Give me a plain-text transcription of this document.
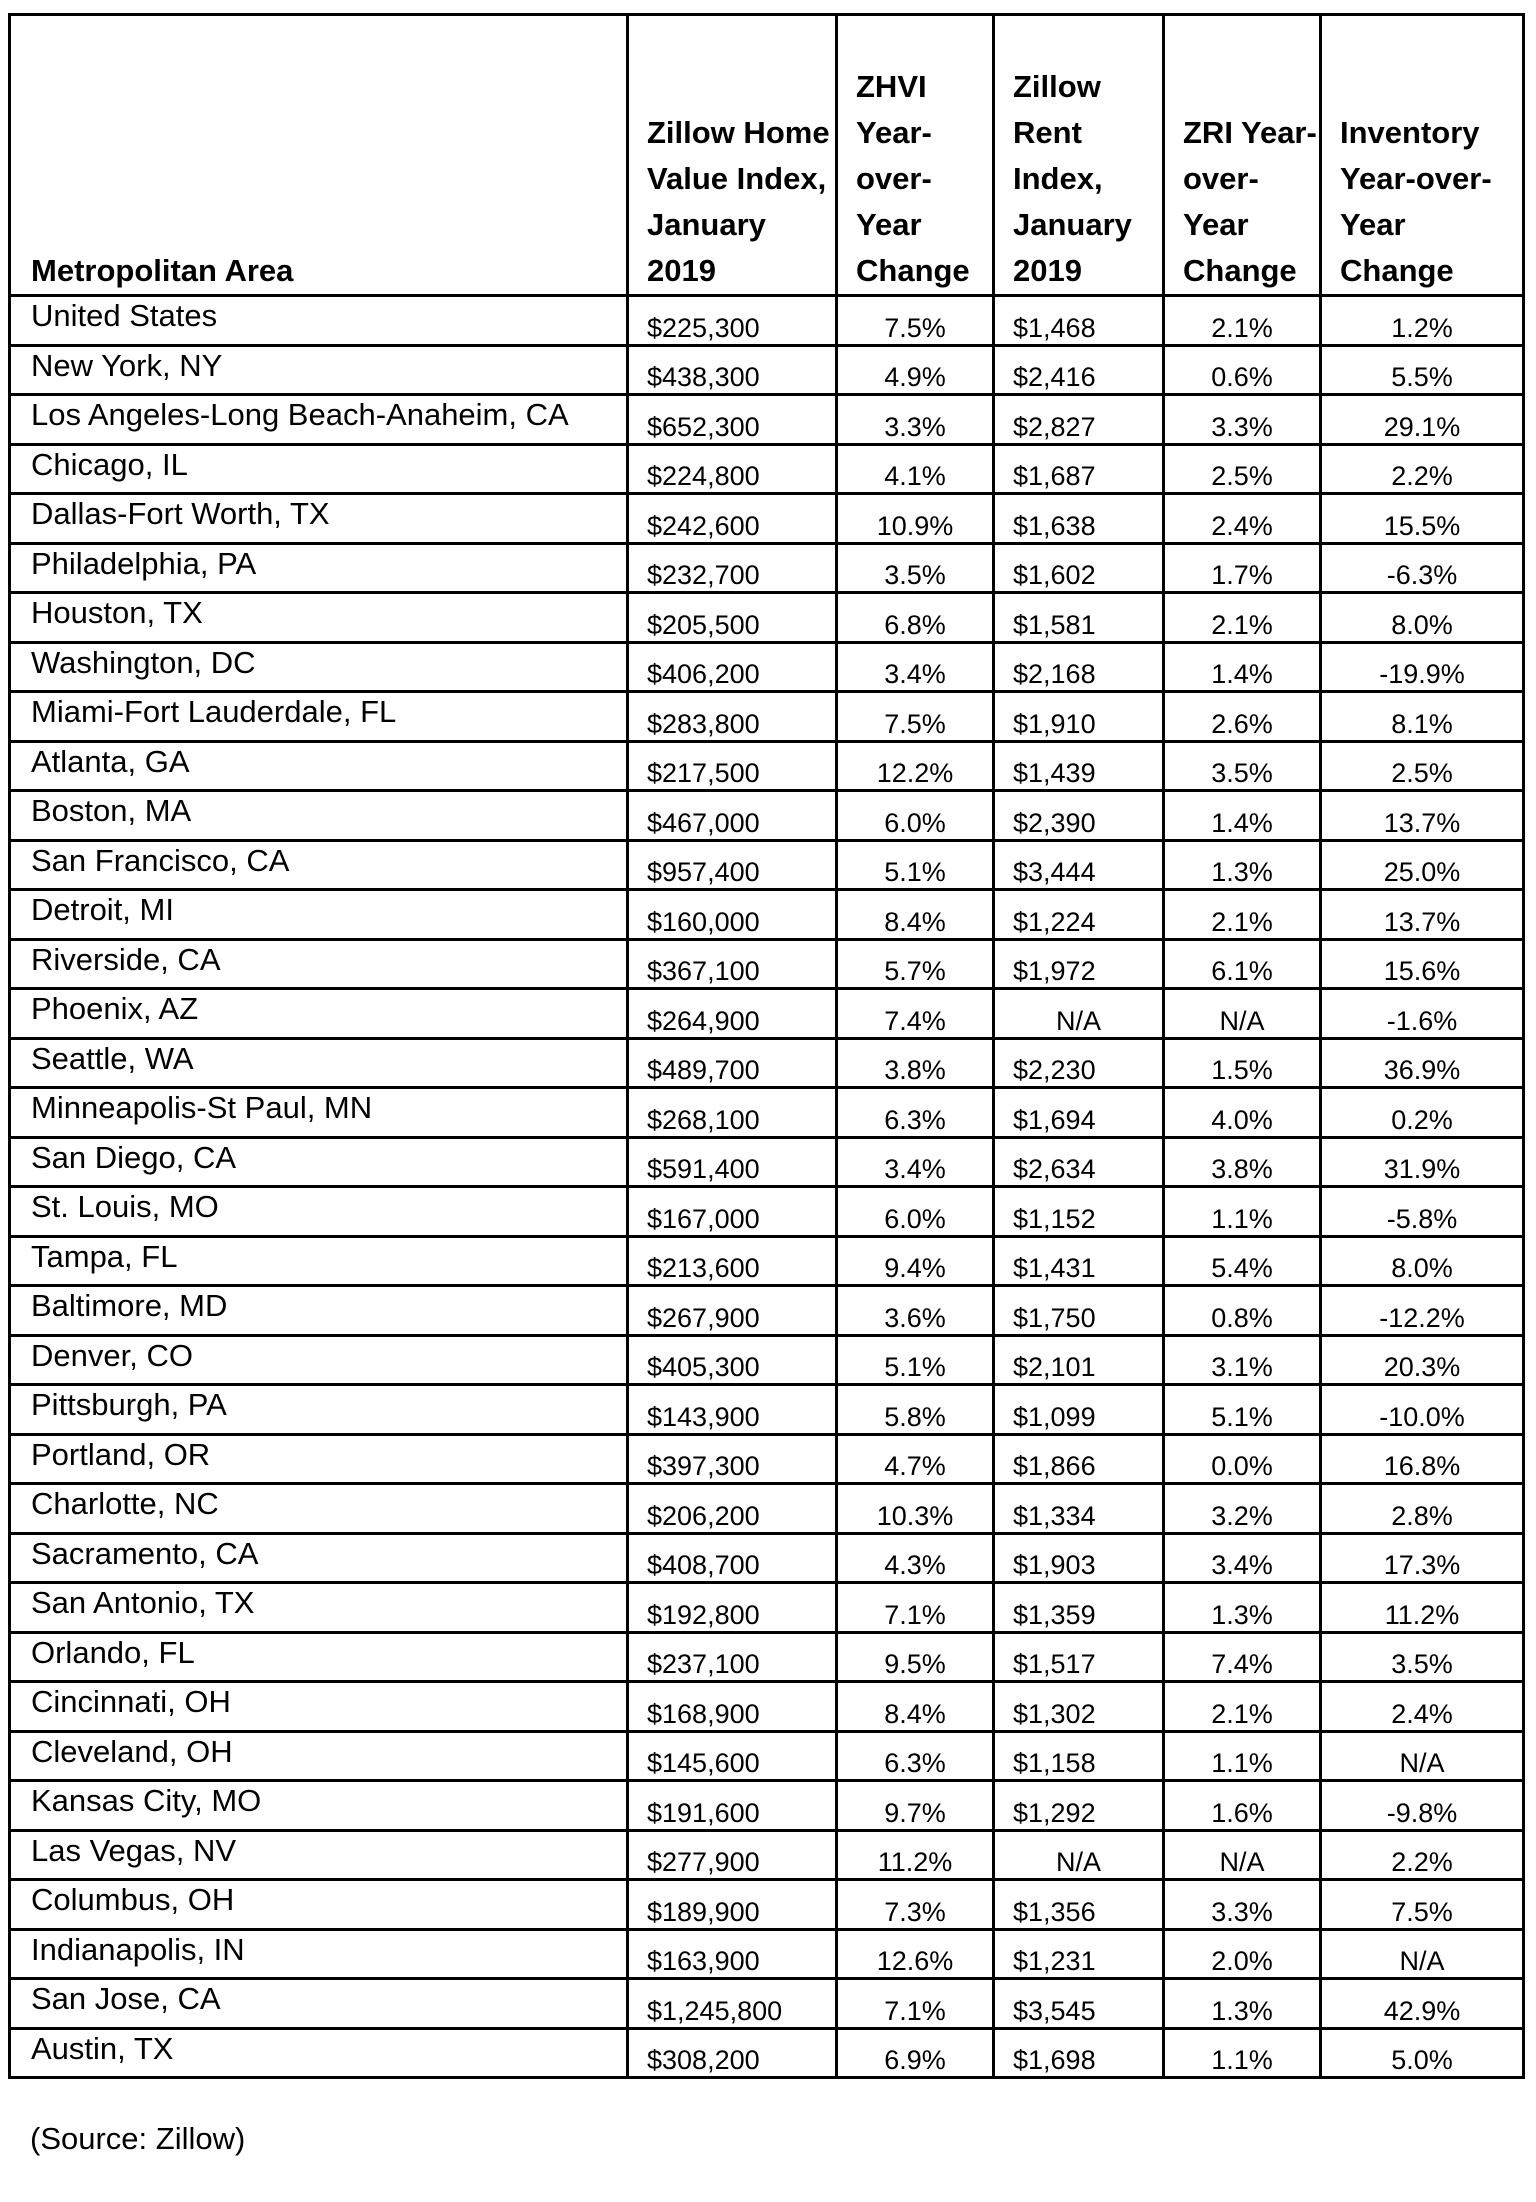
Metropolitan Area	Zillow Home Value Index, January 2019	ZHVI Year-over-Year Change	Zillow Rent Index, January 2019	ZRI Year-over-Year Change	Inventory Year-over-Year Change
United States	$225,300	7.5%	$1,468	2.1%	1.2%
New York, NY	$438,300	4.9%	$2,416	0.6%	5.5%
Los Angeles-Long Beach-Anaheim, CA	$652,300	3.3%	$2,827	3.3%	29.1%
Chicago, IL	$224,800	4.1%	$1,687	2.5%	2.2%
Dallas-Fort Worth, TX	$242,600	10.9%	$1,638	2.4%	15.5%
Philadelphia, PA	$232,700	3.5%	$1,602	1.7%	-6.3%
Houston, TX	$205,500	6.8%	$1,581	2.1%	8.0%
Washington, DC	$406,200	3.4%	$2,168	1.4%	-19.9%
Miami-Fort Lauderdale, FL	$283,800	7.5%	$1,910	2.6%	8.1%
Atlanta, GA	$217,500	12.2%	$1,439	3.5%	2.5%
Boston, MA	$467,000	6.0%	$2,390	1.4%	13.7%
San Francisco, CA	$957,400	5.1%	$3,444	1.3%	25.0%
Detroit, MI	$160,000	8.4%	$1,224	2.1%	13.7%
Riverside, CA	$367,100	5.7%	$1,972	6.1%	15.6%
Phoenix, AZ	$264,900	7.4%	N/A	N/A	-1.6%
Seattle, WA	$489,700	3.8%	$2,230	1.5%	36.9%
Minneapolis-St Paul, MN	$268,100	6.3%	$1,694	4.0%	0.2%
San Diego, CA	$591,400	3.4%	$2,634	3.8%	31.9%
St. Louis, MO	$167,000	6.0%	$1,152	1.1%	-5.8%
Tampa, FL	$213,600	9.4%	$1,431	5.4%	8.0%
Baltimore, MD	$267,900	3.6%	$1,750	0.8%	-12.2%
Denver, CO	$405,300	5.1%	$2,101	3.1%	20.3%
Pittsburgh, PA	$143,900	5.8%	$1,099	5.1%	-10.0%
Portland, OR	$397,300	4.7%	$1,866	0.0%	16.8%
Charlotte, NC	$206,200	10.3%	$1,334	3.2%	2.8%
Sacramento, CA	$408,700	4.3%	$1,903	3.4%	17.3%
San Antonio, TX	$192,800	7.1%	$1,359	1.3%	11.2%
Orlando, FL	$237,100	9.5%	$1,517	7.4%	3.5%
Cincinnati, OH	$168,900	8.4%	$1,302	2.1%	2.4%
Cleveland, OH	$145,600	6.3%	$1,158	1.1%	N/A
Kansas City, MO	$191,600	9.7%	$1,292	1.6%	-9.8%
Las Vegas, NV	$277,900	11.2%	N/A	N/A	2.2%
Columbus, OH	$189,900	7.3%	$1,356	3.3%	7.5%
Indianapolis, IN	$163,900	12.6%	$1,231	2.0%	N/A
San Jose, CA	$1,245,800	7.1%	$3,545	1.3%	42.9%
Austin, TX	$308,200	6.9%	$1,698	1.1%	5.0%
(Source: Zillow)
